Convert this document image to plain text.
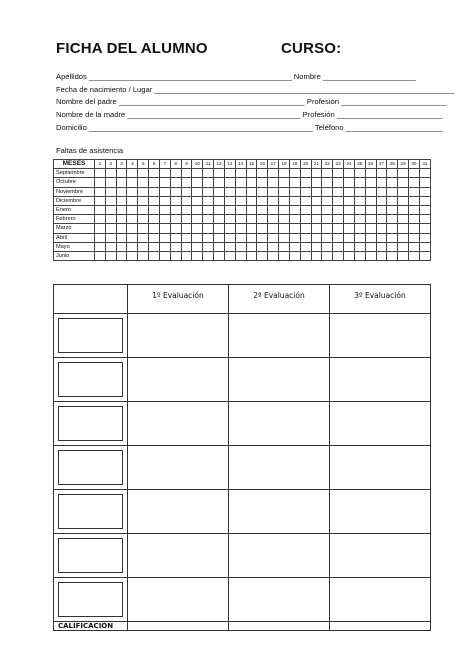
FICHA DEL ALUMNO	CURSO:
Apellidos ________________________________________________ Nombre ______________________
Fecha de nacimiento / Lugar _______________________________________________________________________
Nombre del padre ____________________________________________ Profesión _________________________
Nombre de la madre _________________________________________ Profesión _________________________
Domicilio _____________________________________________________ Teléfono _______________________
Faltas de asistencia
MESES	1	2	3	4	5	6	7	8	9	10	11	12	13	14	15	16	17	18	19	20	21	22	23	24	25	26	27	28	29	30	31
Septiembre																															
Octubre																															
Noviembre																															
Diciembre																															
Enero																															
Febrero																															
Marzo																															
Abril																															
Mayo																															
Junio																															
	1º Evaluación	2ª Evaluación	3º Evaluación

CALIFICACIÓN			
